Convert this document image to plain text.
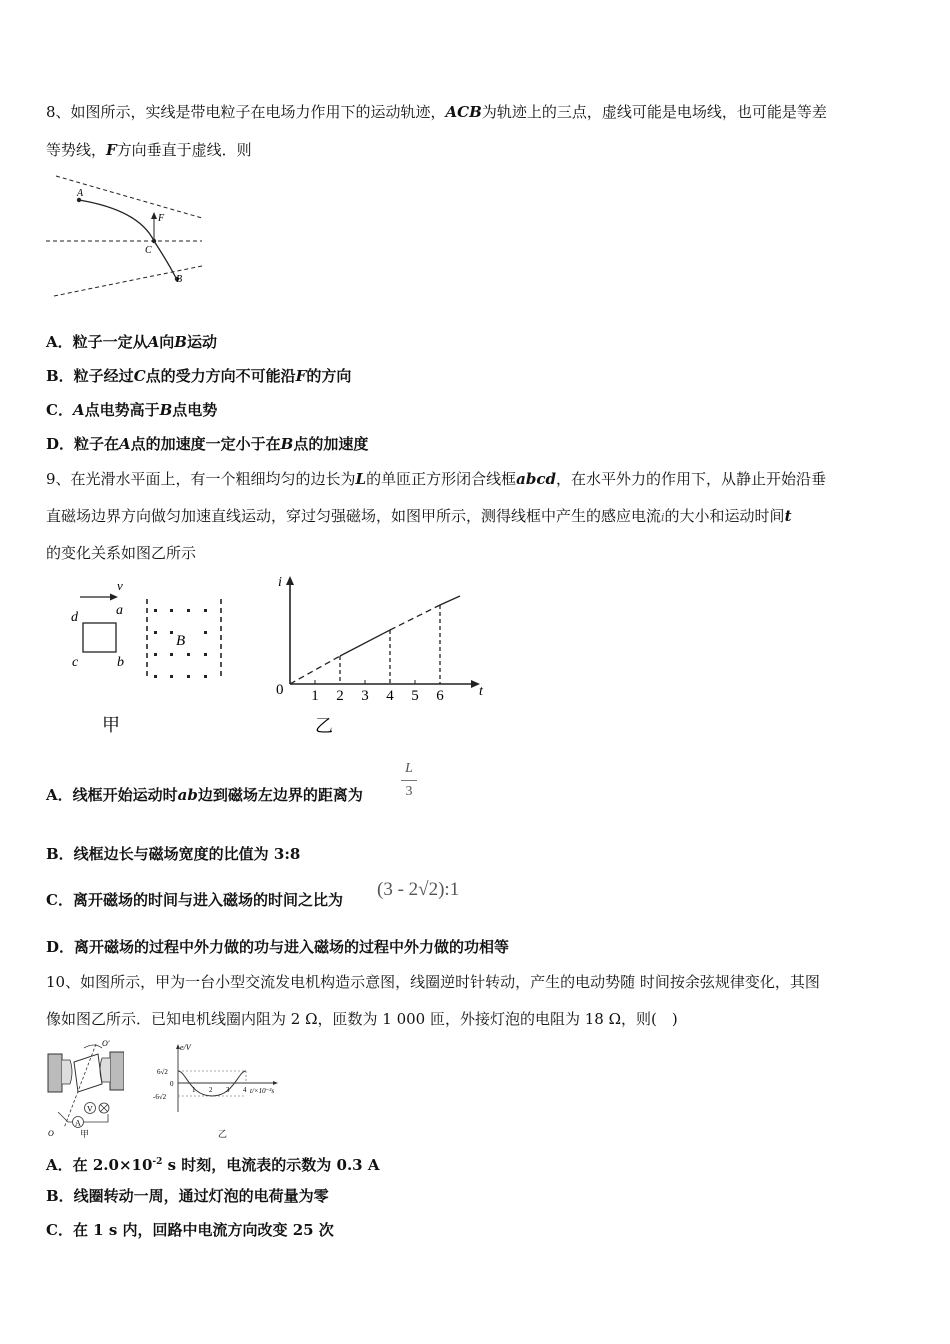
8、如图所示，实线是带电粒子在电场力作用下的运动轨迹，ACB为轨迹上的三点，虚线可能是电场线，也可能是等差
等势线，F方向垂直于虚线．则
A
C
B
F
A．粒子一定从A向B运动
B．粒子经过C点的受力方向不可能沿F的方向
C．A点电势高于B点电势
D．粒子在A点的加速度一定小于在B点的加速度
9、在光滑水平面上，有一个粗细均匀的边长为L的单匝正方形闭合线框abcd，在水平外力的作用下，从静止开始沿垂
直磁场边界方向做匀加速直线运动，穿过匀强磁场，如图甲所示，测得线框中产生的感应电流i的大小和运动时间t
的变化关系如图乙所示
v
d	a
c	b
B
甲
i
t
0 1 2 3 4 5 6
乙
A．线框开始运动时ab边到磁场左边界的距离为
L
3
B．线框边长与磁场宽度的比值为 3:8
C．离开磁场的时间与进入磁场的时间之比为 (3 - 2√2):1
D．离开磁场的过程中外力做的功与进入磁场的过程中外力做的功相等
10、如图所示，甲为一台小型交流发电机构造示意图，线圈逆时针转动，产生的电动势随 时间按余弦规律变化，其图
像如图乙所示．已知电机线圈内阻为 2 Ω，匝数为 1 000 匝，外接灯泡的电阻为 18 Ω，则(　)
A
V
O′
O	甲
e/V
t/×10⁻²s
6√2
-6√2
0
1 2 3 4
乙
A．在 $2.0\times 10^{-2}$ s 时刻，电流表的示数为 0.3 A
B．线圈转动一周，通过灯泡的电荷量为零
C．在 1 s 内，回路中电流方向改变 25 次
